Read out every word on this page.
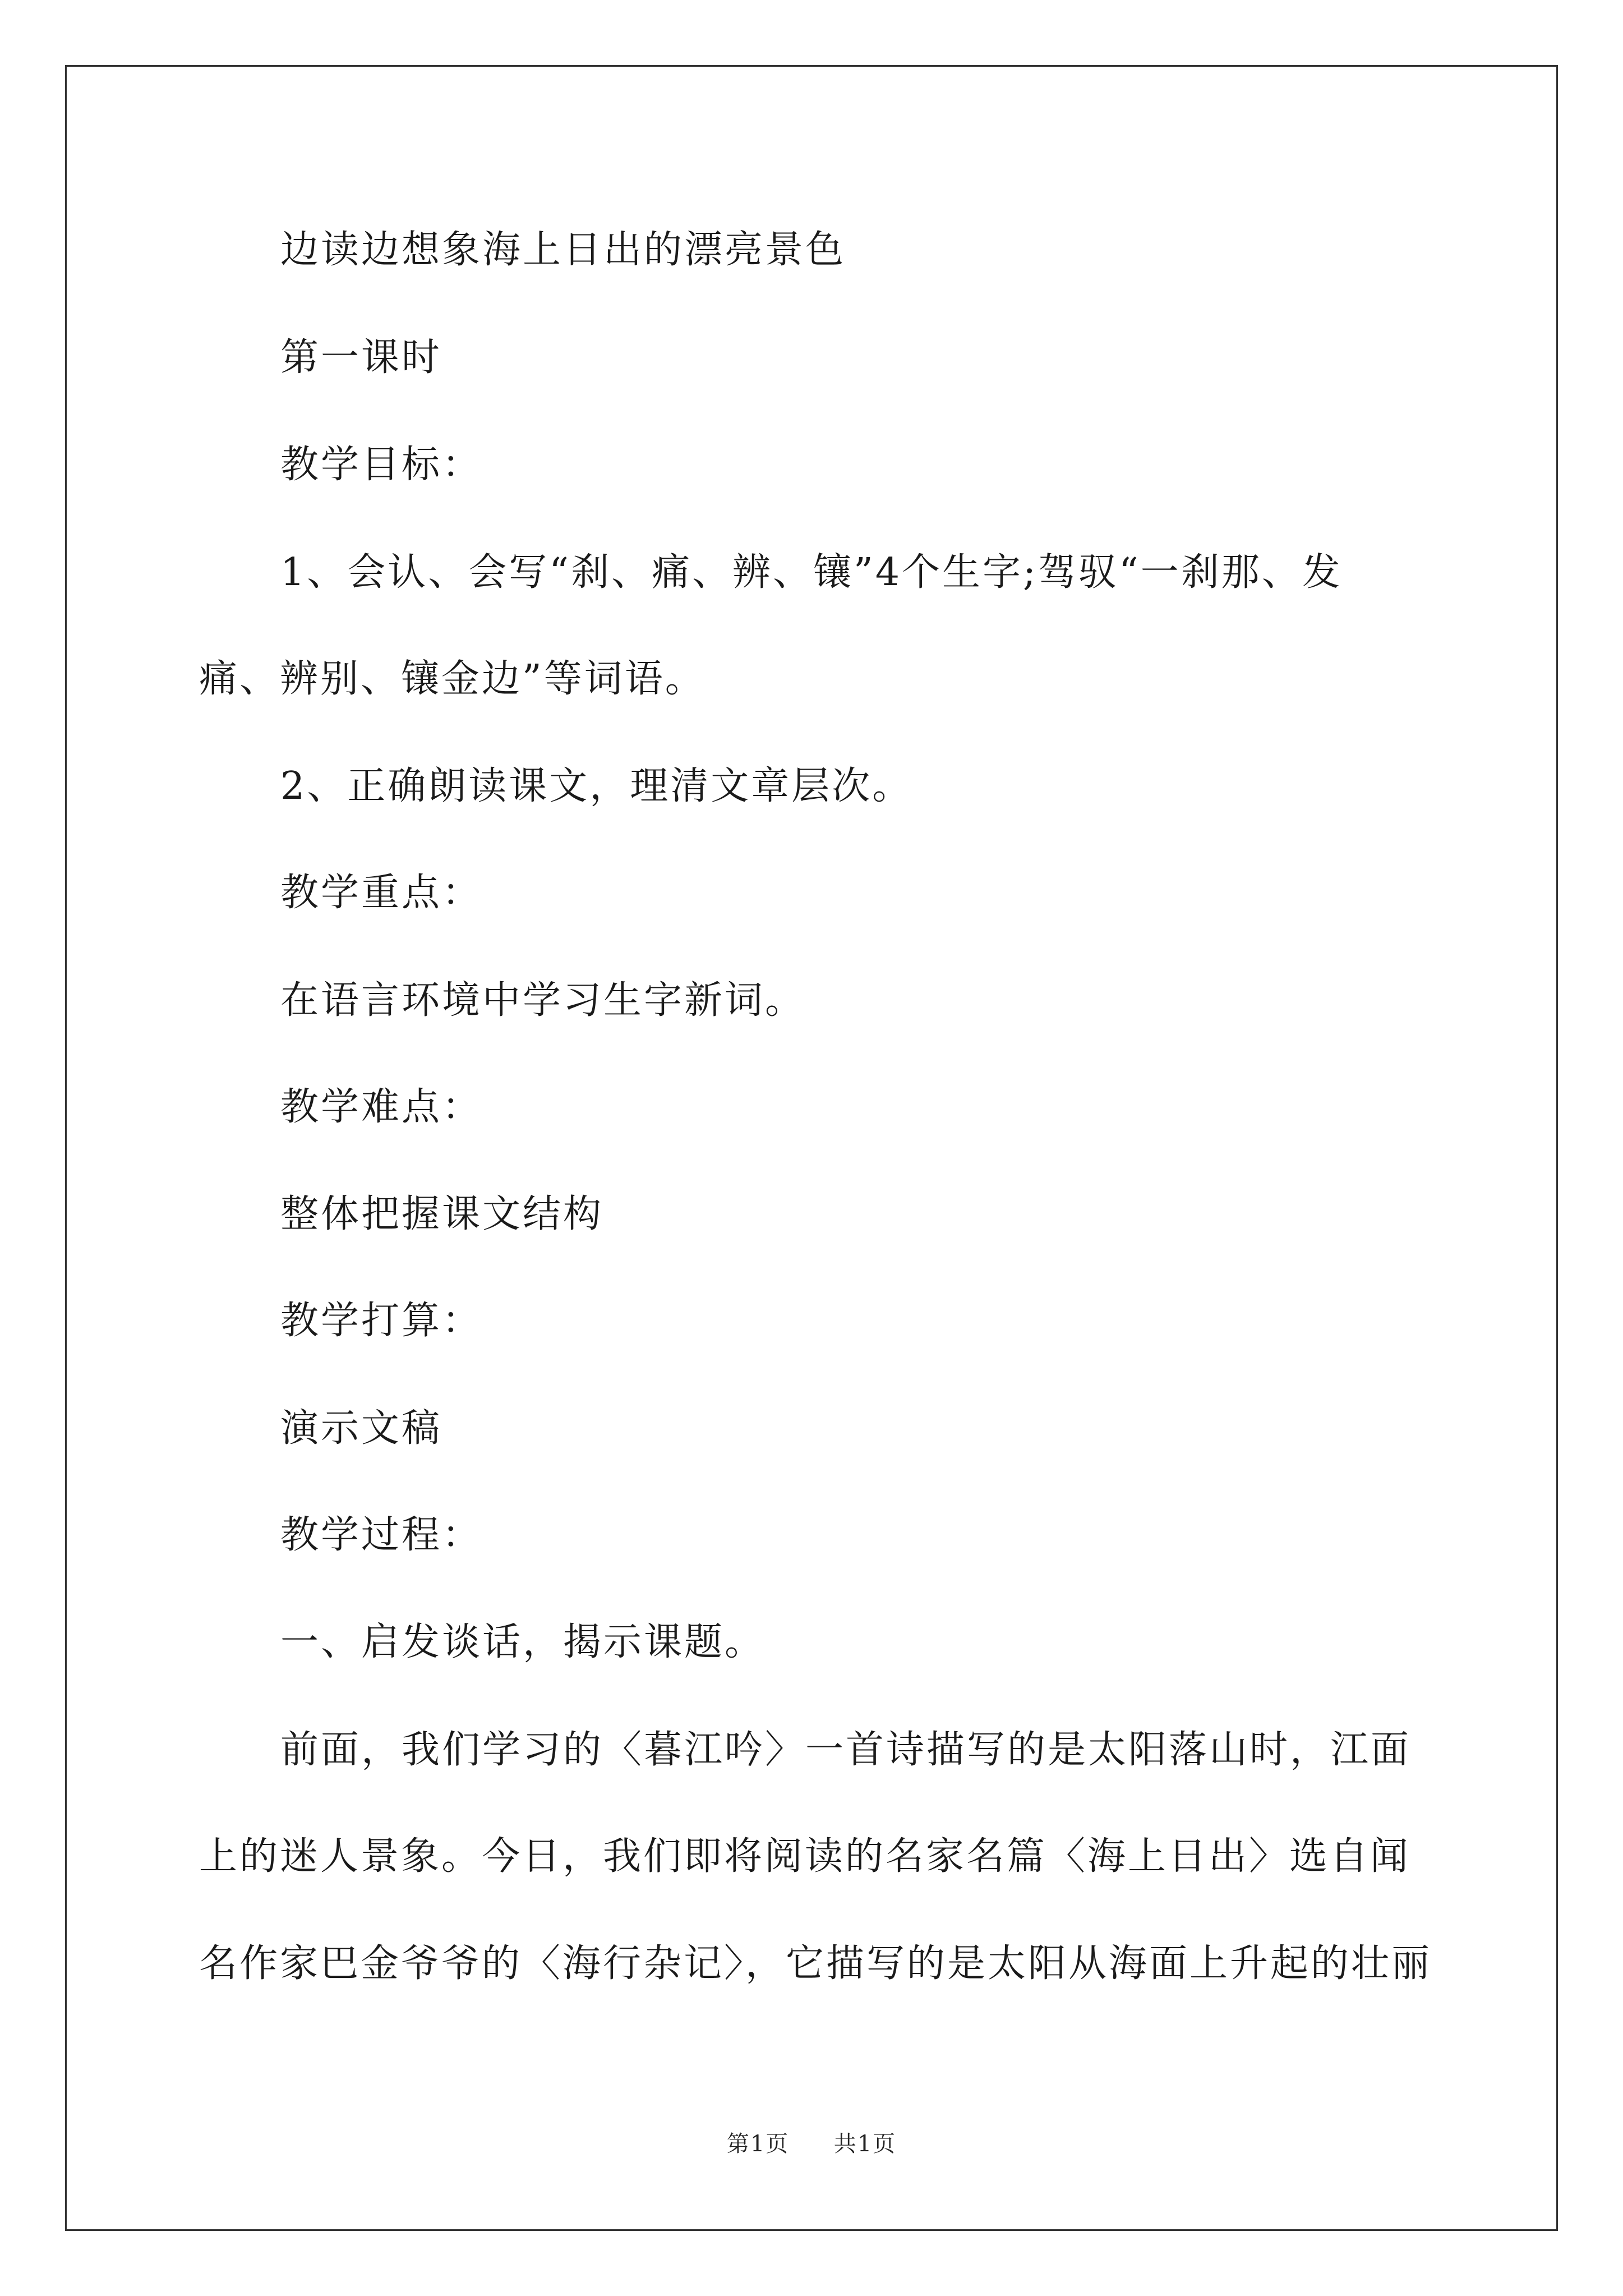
边读边想象海上日出的漂亮景色
第一课时
教学目标：
1、会认、会写“刹、痛、辨、镶”4个生字;驾驭“一刹那、发
痛、辨别、镶金边”等词语。
2、正确朗读课文，理清文章层次。
教学重点：
在语言环境中学习生字新词。
教学难点：
整体把握课文结构
教学打算：
演示文稿
教学过程：
一、启发谈话，揭示课题。
前面，我们学习的〈暮江吟〉一首诗描写的是太阳落山时，江面
上的迷人景象。今日，我们即将阅读的名家名篇〈海上日出〉选自闻
名作家巴金爷爷的〈海行杂记〉，它描写的是太阳从海面上升起的壮丽
第1页 共1页
